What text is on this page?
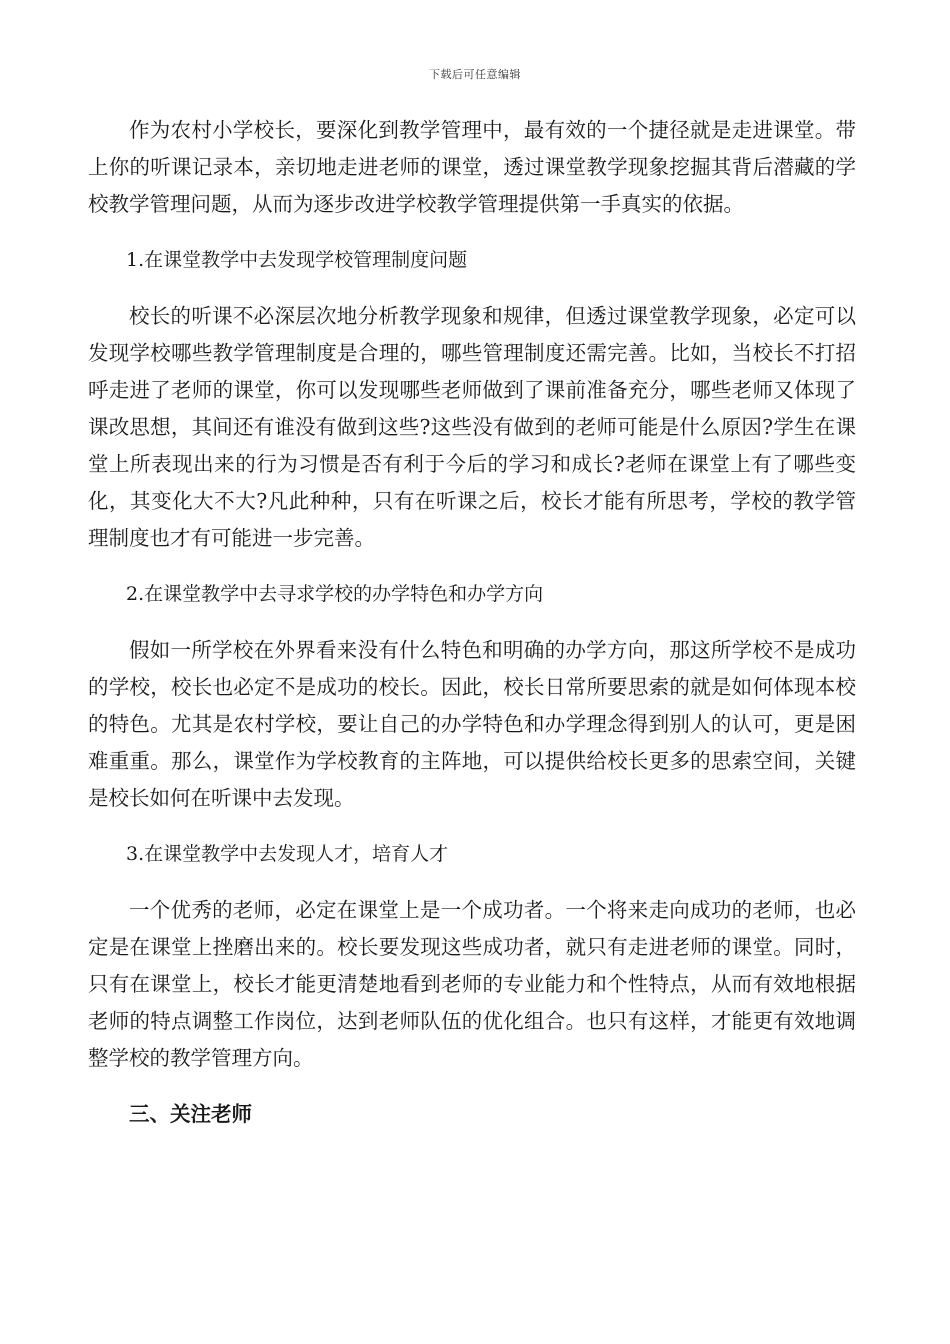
下载后可任意编辑

作为农村小学校长，要深化到教学管理中，最有效的一个捷径就是走进课堂。带上你的听课记录本，亲切地走进老师的课堂，透过课堂教学现象挖掘其背后潜藏的学校教学管理问题，从而为逐步改进学校教学管理提供第一手真实的依据。

1.在课堂教学中去发现学校管理制度问题

校长的听课不必深层次地分析教学现象和规律，但透过课堂教学现象，必定可以发现学校哪些教学管理制度是合理的，哪些管理制度还需完善。比如，当校长不打招呼走进了老师的课堂，你可以发现哪些老师做到了课前准备充分，哪些老师又体现了课改思想，其间还有谁没有做到这些?这些没有做到的老师可能是什么原因?学生在课堂上所表现出来的行为习惯是否有利于今后的学习和成长?老师在课堂上有了哪些变化，其变化大不大?凡此种种，只有在听课之后，校长才能有所思考，学校的教学管理制度也才有可能进一步完善。

2.在课堂教学中去寻求学校的办学特色和办学方向

假如一所学校在外界看来没有什么特色和明确的办学方向，那这所学校不是成功的学校，校长也必定不是成功的校长。因此，校长日常所要思索的就是如何体现本校的特色。尤其是农村学校，要让自己的办学特色和办学理念得到别人的认可，更是困难重重。那么，课堂作为学校教育的主阵地，可以提供给校长更多的思索空间，关键是校长如何在听课中去发现。

3.在课堂教学中去发现人才，培育人才

一个优秀的老师，必定在课堂上是一个成功者。一个将来走向成功的老师，也必定是在课堂上挫磨出来的。校长要发现这些成功者，就只有走进老师的课堂。同时，只有在课堂上，校长才能更清楚地看到老师的专业能力和个性特点，从而有效地根据老师的特点调整工作岗位，达到老师队伍的优化组合。也只有这样，才能更有效地调整学校的教学管理方向。

三、关注老师
